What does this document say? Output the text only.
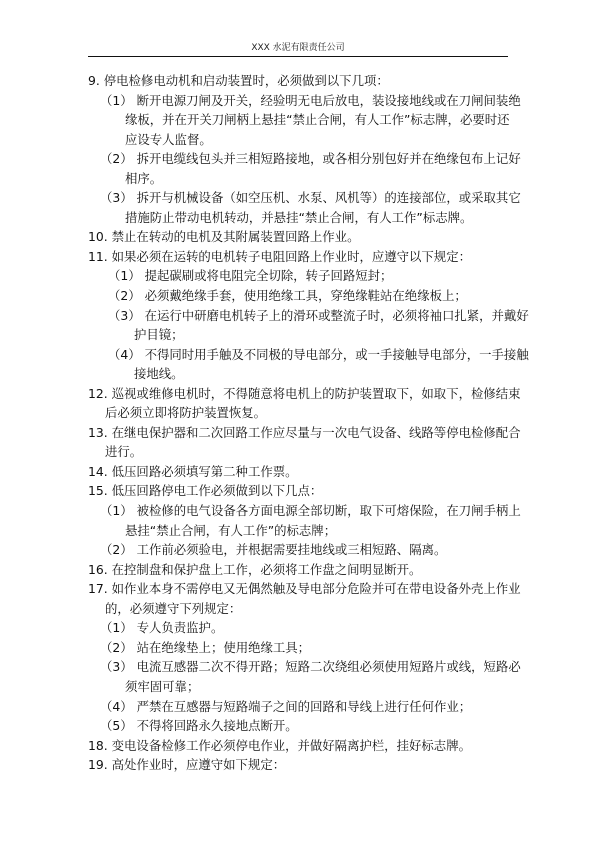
XXX 水泥有限责任公司
9. 停电检修电动机和启动装置时，必须做到以下几项：
（1） 断开电源刀闸及开关，经验明无电后放电，装设接地线或在刀闸间装绝
缘板，并在开关刀闸柄上悬挂“禁止合闸，有人工作”标志牌，必要时还
应设专人监督。
（2） 拆开电缆线包头并三相短路接地，或各相分别包好并在绝缘包布上记好
相序。
（3） 拆开与机械设备（如空压机、水泵、风机等）的连接部位，或采取其它
措施防止带动电机转动，并悬挂“禁止合闸，有人工作”标志牌。
10. 禁止在转动的电机及其附属装置回路上作业。
11. 如果必须在运转的电机转子电阻回路上作业时，应遵守以下规定：
（1） 提起碳刷或将电阻完全切除，转子回路短封；
（2） 必须戴绝缘手套，使用绝缘工具，穿绝缘鞋站在绝缘板上；
（3） 在运行中研磨电机转子上的滑环或整流子时，必须将袖口扎紧，并戴好
护目镜；
（4） 不得同时用手触及不同极的导电部分，或一手接触导电部分，一手接触
接地线。
12. 巡视或维修电机时，不得随意将电机上的防护装置取下，如取下，检修结束
后必须立即将防护装置恢复。
13. 在继电保护器和二次回路工作应尽量与一次电气设备、线路等停电检修配合
进行。
14. 低压回路必须填写第二种工作票。
15. 低压回路停电工作必须做到以下几点：
（1） 被检修的电气设备各方面电源全部切断，取下可熔保险，在刀闸手柄上
悬挂“禁止合闸，有人工作”的标志牌；
（2） 工作前必须验电，并根据需要挂地线或三相短路、隔离。
16. 在控制盘和保护盘上工作，必须将工作盘之间明显断开。
17. 如作业本身不需停电又无偶然触及导电部分危险并可在带电设备外壳上作业
的，必须遵守下列规定：
（1） 专人负责监护。
（2） 站在绝缘垫上；使用绝缘工具；
（3） 电流互感器二次不得开路；短路二次绕组必须使用短路片或线，短路必
须牢固可靠；
（4） 严禁在互感器与短路端子之间的回路和导线上进行任何作业；
（5） 不得将回路永久接地点断开。
18. 变电设备检修工作必须停电作业，并做好隔离护栏，挂好标志牌。
19. 高处作业时，应遵守如下规定：
